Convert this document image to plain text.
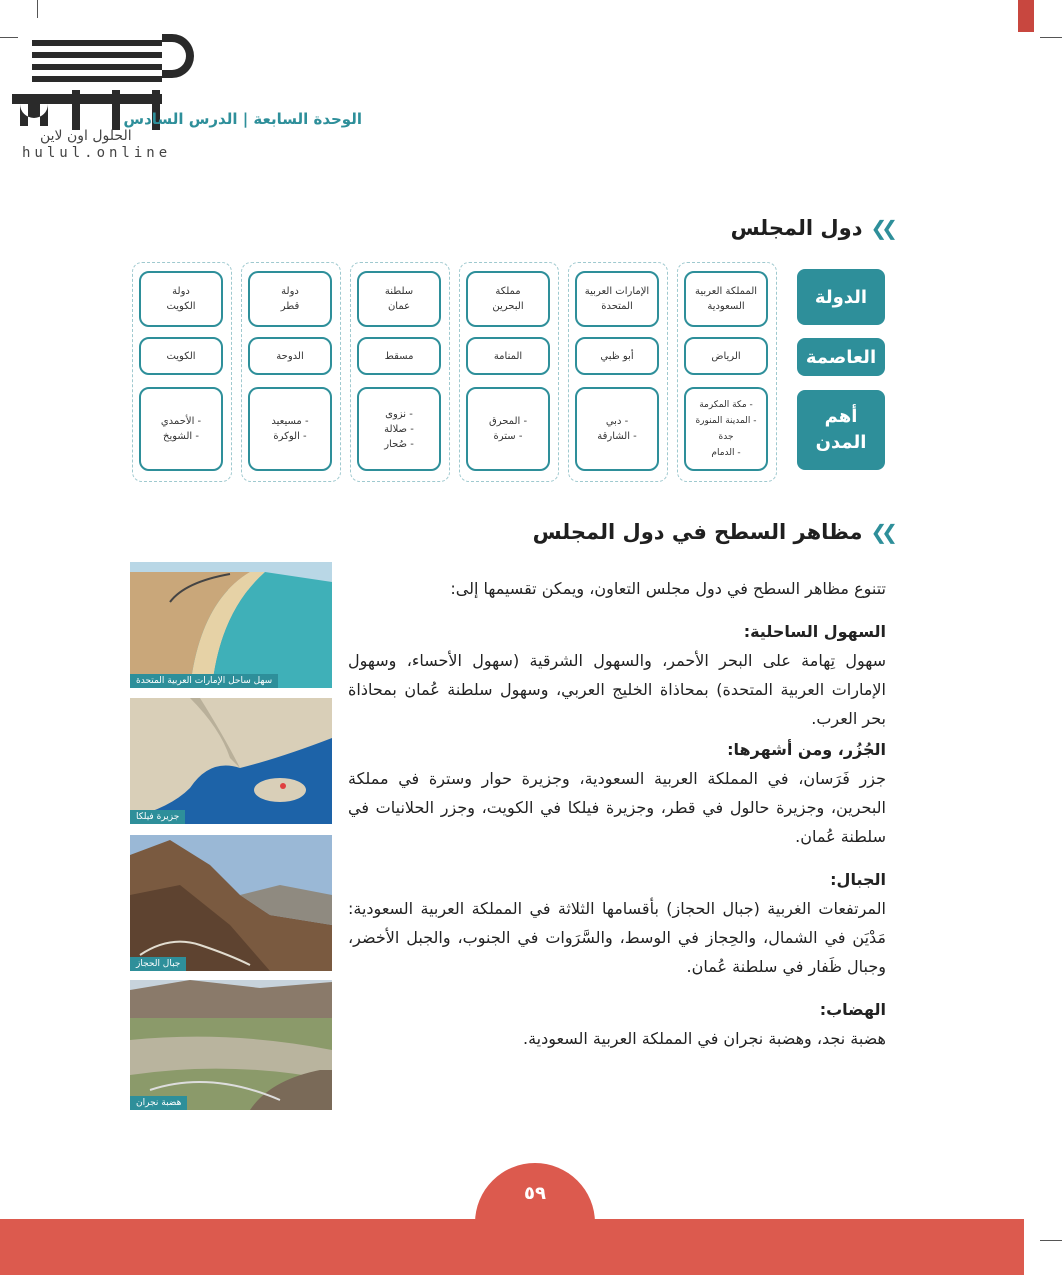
الحلول اون لاين
hulul.online
الوحدة السابعة | الدرس السادس
❯❯دول المجلس
الدولة
العاصمة
أهم المدن
المملكة العربية
السعودية
الرياض
- مكة المكرمة
- المدينة المنورة
جدة
- الدمام
الإمارات العربية
المتحدة
أبو ظبي
- دبي
- الشارقة
مملكة
البحرين
المنامة
- المحرق
- سترة
سلطنة
عمان
مسقط
- نزوى
- صلالة
- صُحار
دولة
قطر
الدوحة
- مسيعيد
- الوكرة
دولة
الكويت
الكويت
- الأحمدي
- الشويخ
❯❯مظاهر السطح في دول المجلس
سهل ساحل الإمارات العربية المتحدة
جزيرة فيلكا
جبال الحجاز
هضبة نجران
تتنوع مظاهر السطح في دول مجلس التعاون، ويمكن تقسيمها إلى:
السهول الساحلية:
سهول تِهامة على البحر الأحمر، والسهول الشرقية (سهول الأحساء، وسهول الإمارات العربية المتحدة) بمحاذاة الخليج العربي، وسهول سلطنة عُمان بمحاذاة بحر العرب.
الجُزُر، ومن أشهرها:
جزر فَرَسان، في المملكة العربية السعودية، وجزيرة حوار وسترة في مملكة البحرين، وجزيرة حالول في قطر، وجزيرة فيلكا في الكويت، وجزر الحلانيات في سلطنة عُمان.
الجبال:
المرتفعات الغربية (جبال الحجاز) بأقسامها الثلاثة في المملكة العربية السعودية: مَدْيَن في الشمال، والحِجاز في الوسط، والسَّرَوات في الجنوب، والجبل الأخضر، وجبال ظَفار في سلطنة عُمان.
الهضاب:
هضبة نجد، وهضبة نجران في المملكة العربية السعودية.
٥٩
